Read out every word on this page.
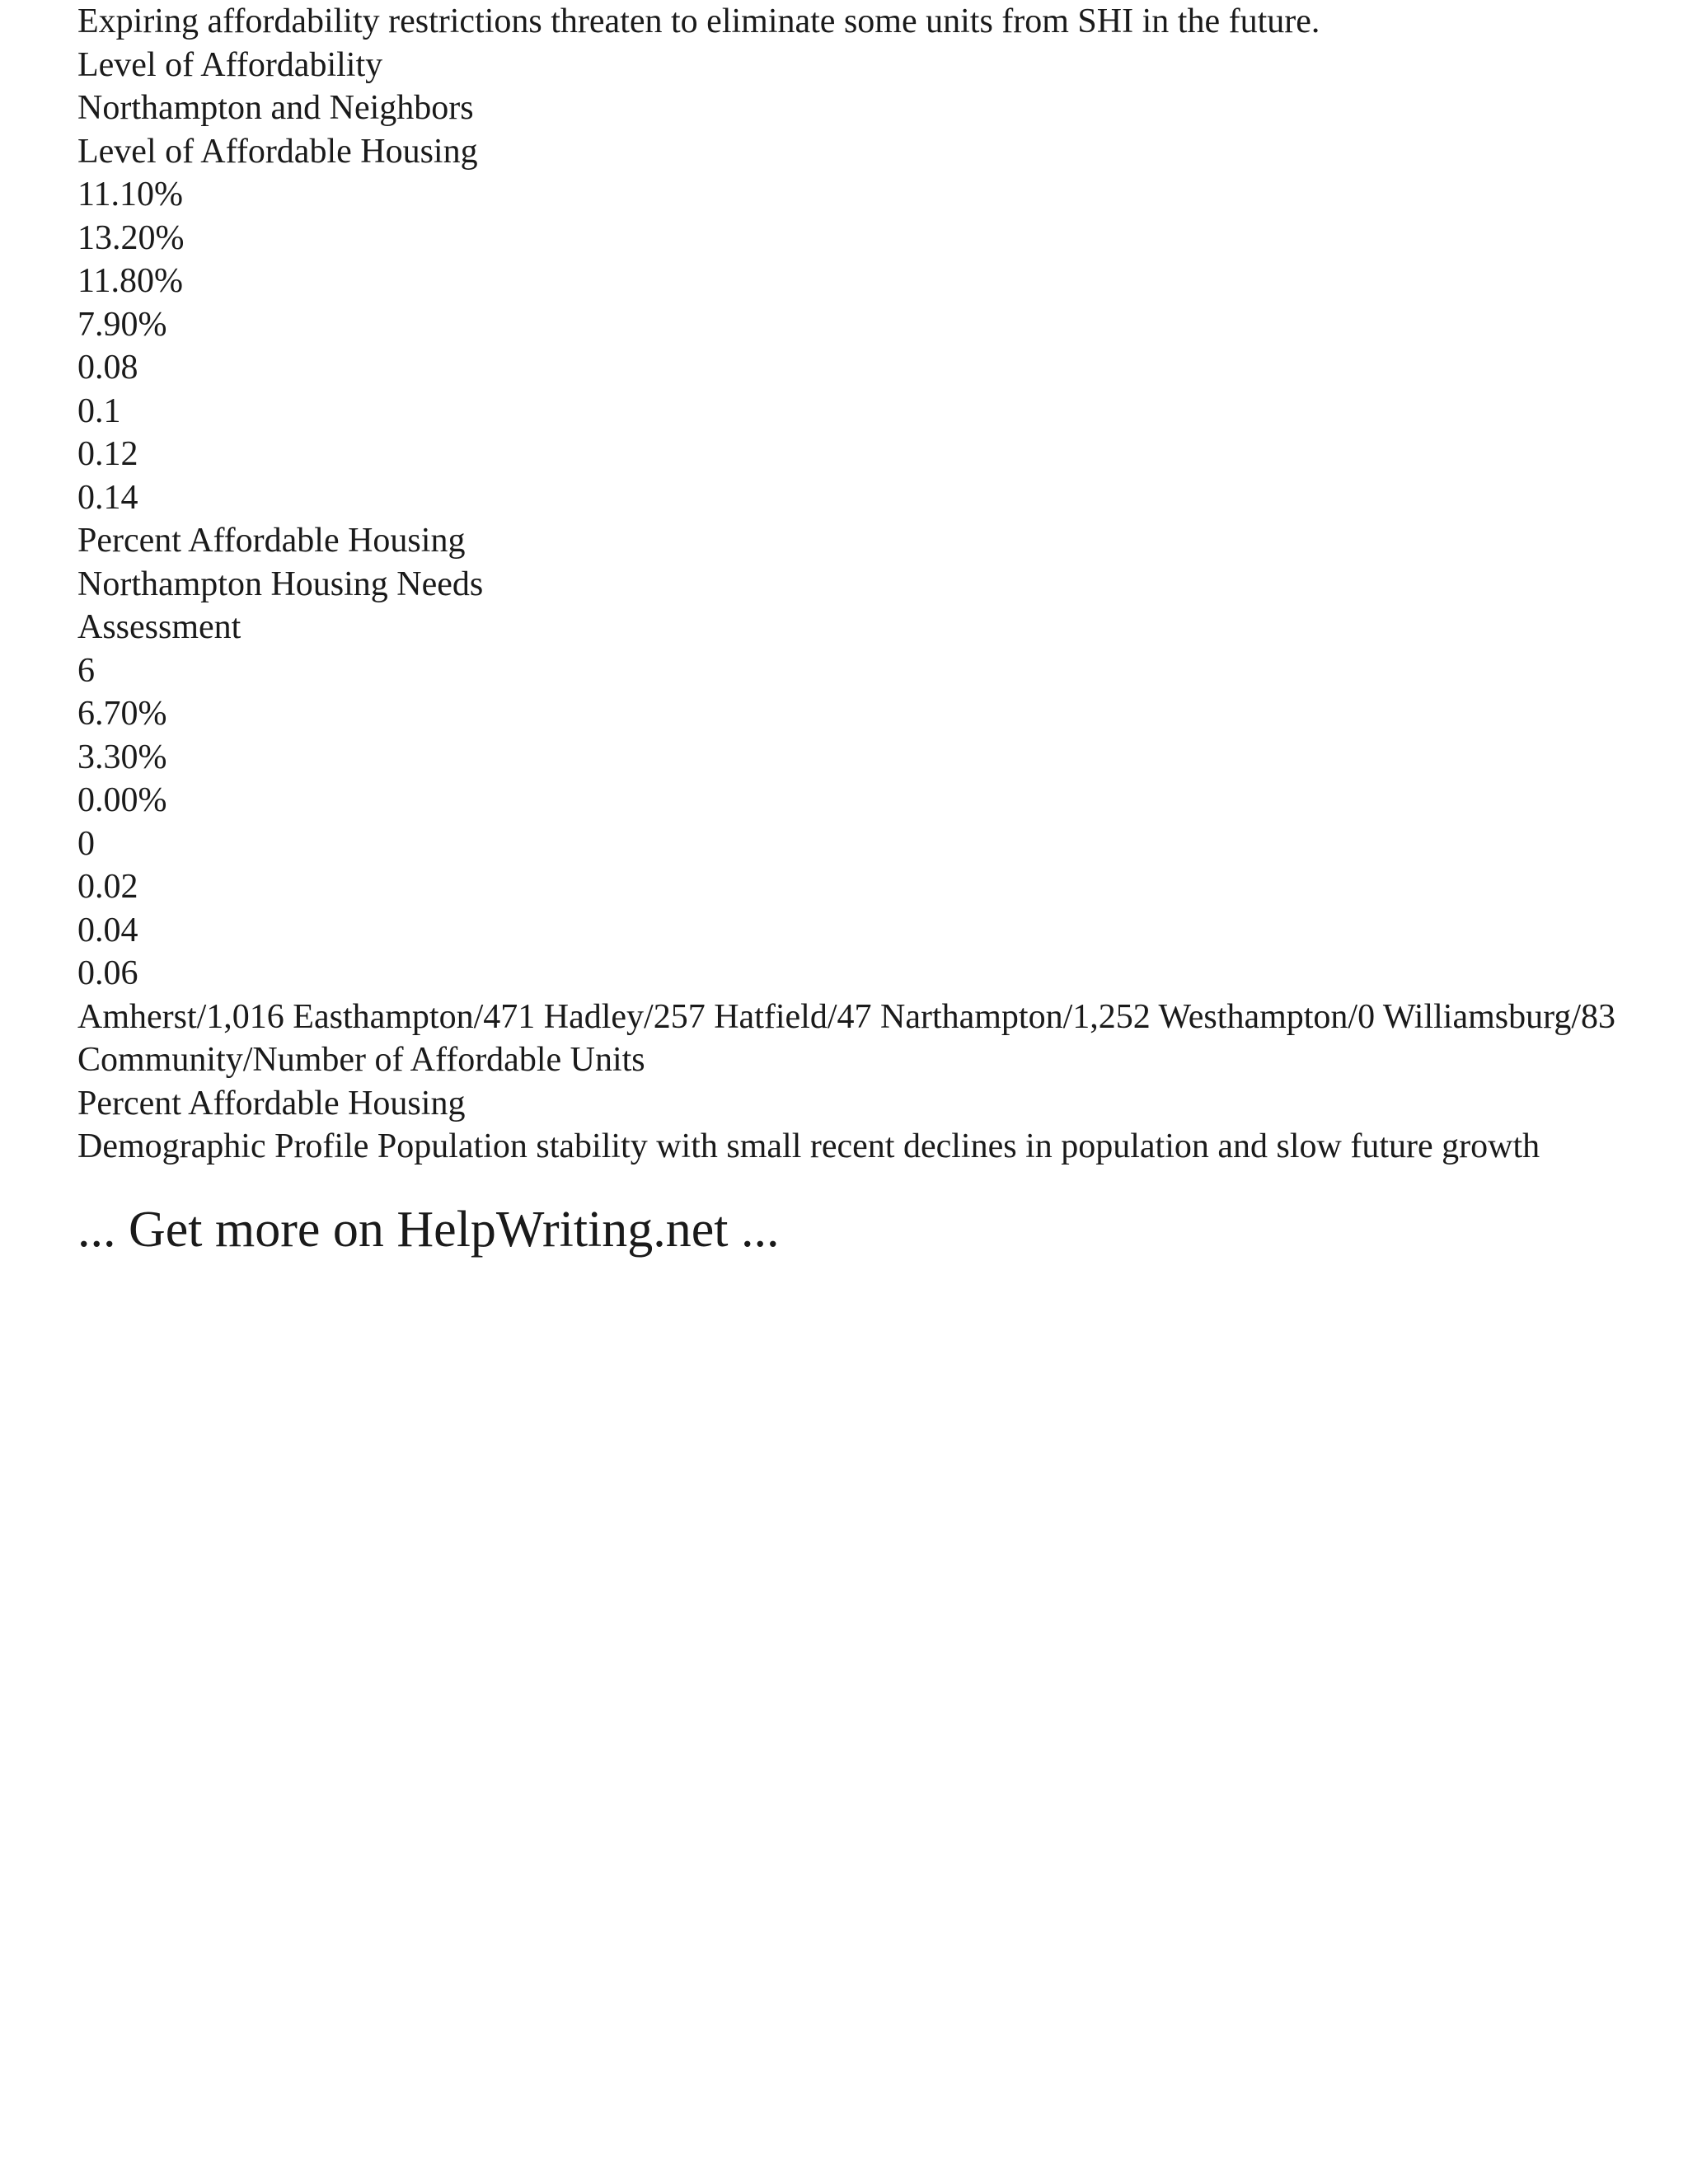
Expiring affordability restrictions threaten to eliminate some units from SHI in the future.

Level of Affordability

Northampton and Neighbors

Level of Affordable Housing

11.10%

13.20%

11.80%

7.90%

0.08

0.1

0.12

0.14

Percent Affordable Housing

Northampton Housing Needs

Assessment

6

6.70%

3.30%

0.00%

0

0.02

0.04

0.06

Amherst/1,016 Easthampton/471 Hadley/257 Hatfield/47 Narthampton/1,252 Westhampton/0 Williamsburg/83

Community/Number of Affordable Units

Percent Affordable Housing

Demographic Profile Population stability with small recent declines in population and slow future growth

... Get more on HelpWriting.net ...
